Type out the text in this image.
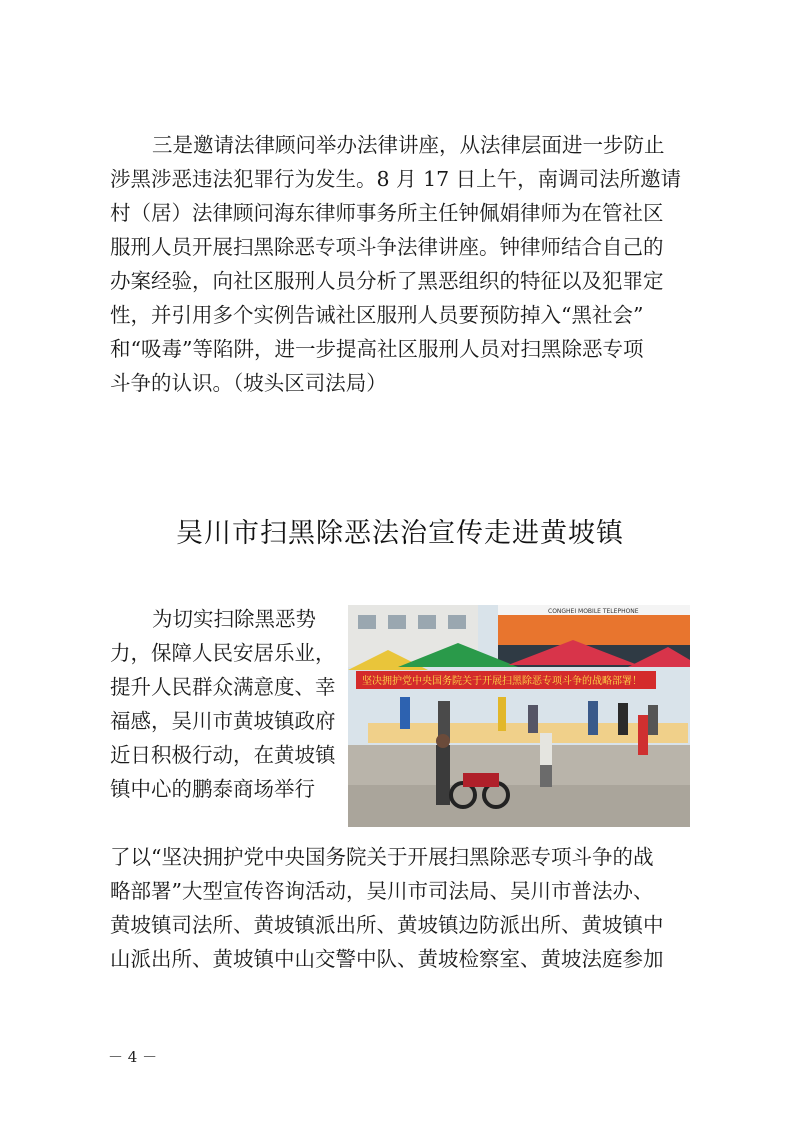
三是邀请法律顾问举办法律讲座，从法律层面进一步防止

涉黑涉恶违法犯罪行为发生。8 月 17 日上午，南调司法所邀请

村（居）法律顾问海东律师事务所主任钟佩娟律师为在管社区

服刑人员开展扫黑除恶专项斗争法律讲座。钟律师结合自己的

办案经验，向社区服刑人员分析了黑恶组织的特征以及犯罪定

性，并引用多个实例告诫社区服刑人员要预防掉入“黑社会”

和“吸毒”等陷阱，进一步提高社区服刑人员对扫黑除恶专项

斗争的认识。（坡头区司法局）

吴川市扫黑除恶法治宣传走进黄坡镇
为切实扫除黑恶势
力，保障人民安居乐业，
提升人民群众满意度、幸
福感，吴川市黄坡镇政府
近日积极行动，在黄坡镇
镇中心的鹏泰商场举行
CONGHEI MOBILE TELEPHONE
坚决拥护党中央国务院关于开展扫黑除恶专项斗争的战略部署！
了以“坚决拥护党中央国务院关于开展扫黑除恶专项斗争的战
略部署”大型宣传咨询活动，吴川市司法局、吴川市普法办、
黄坡镇司法所、黄坡镇派出所、黄坡镇边防派出所、黄坡镇中
山派出所、黄坡镇中山交警中队、黄坡检察室、黄坡法庭参加
－ 4 －
